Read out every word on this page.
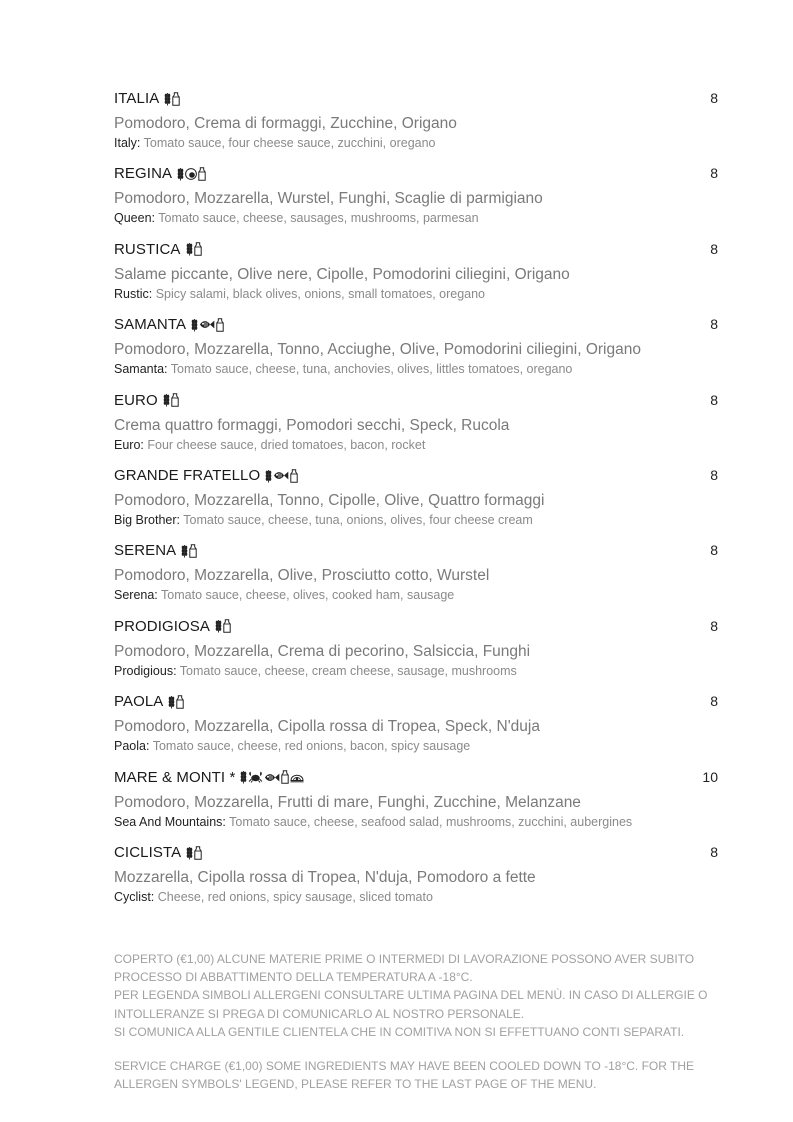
ITALIA	8
Pomodoro, Crema di formaggi, Zucchine, Origano
Italy: Tomato sauce, four cheese sauce, zucchini, oregano
REGINA	8
Pomodoro, Mozzarella, Wurstel, Funghi, Scaglie di parmigiano
Queen: Tomato sauce, cheese, sausages, mushrooms, parmesan
RUSTICA	8
Salame piccante, Olive nere, Cipolle, Pomodorini ciliegini, Origano
Rustic: Spicy salami, black olives, onions, small tomatoes, oregano
SAMANTA	8
Pomodoro, Mozzarella, Tonno, Acciughe, Olive, Pomodorini ciliegini, Origano
Samanta: Tomato sauce, cheese, tuna, anchovies, olives, littles tomatoes, oregano
EURO	8
Crema quattro formaggi, Pomodori secchi, Speck, Rucola
Euro: Four cheese sauce, dried tomatoes, bacon, rocket
GRANDE FRATELLO	8
Pomodoro, Mozzarella, Tonno, Cipolle, Olive, Quattro formaggi
Big Brother: Tomato sauce, cheese, tuna, onions, olives, four cheese cream
SERENA	8
Pomodoro, Mozzarella, Olive, Prosciutto cotto, Wurstel
Serena: Tomato sauce, cheese, olives, cooked ham, sausage
PRODIGIOSA	8
Pomodoro, Mozzarella, Crema di pecorino, Salsiccia, Funghi
Prodigious: Tomato sauce, cheese, cream cheese, sausage, mushrooms
PAOLA	8
Pomodoro, Mozzarella, Cipolla rossa di Tropea, Speck, N'duja
Paola: Tomato sauce, cheese, red onions, bacon, spicy sausage
MARE & MONTI *	10
Pomodoro, Mozzarella, Frutti di mare, Funghi, Zucchine, Melanzane
Sea And Mountains: Tomato sauce, cheese, seafood salad, mushrooms, zucchini, aubergines
CICLISTA	8
Mozzarella, Cipolla rossa di Tropea, N'duja, Pomodoro a fette
Cyclist: Cheese, red onions, spicy sausage, sliced tomato

COPERTO (€1,00) ALCUNE MATERIE PRIME O INTERMEDI DI LAVORAZIONE POSSONO AVER SUBITO

PROCESSO DI ABBATTIMENTO DELLA TEMPERATURA A -18°C.

PER LEGENDA SIMBOLI ALLERGENI CONSULTARE ULTIMA PAGINA DEL MENÙ. IN CASO DI ALLERGIE O

INTOLLERANZE SI PREGA DI COMUNICARLO AL NOSTRO PERSONALE.

SI COMUNICA ALLA GENTILE CLIENTELA CHE IN COMITIVA NON SI EFFETTUANO CONTI SEPARATI.

SERVICE CHARGE (€1,00) SOME INGREDIENTS MAY HAVE BEEN COOLED DOWN TO -18°C. FOR THE

ALLERGEN SYMBOLS' LEGEND, PLEASE REFER TO THE LAST PAGE OF THE MENU.
